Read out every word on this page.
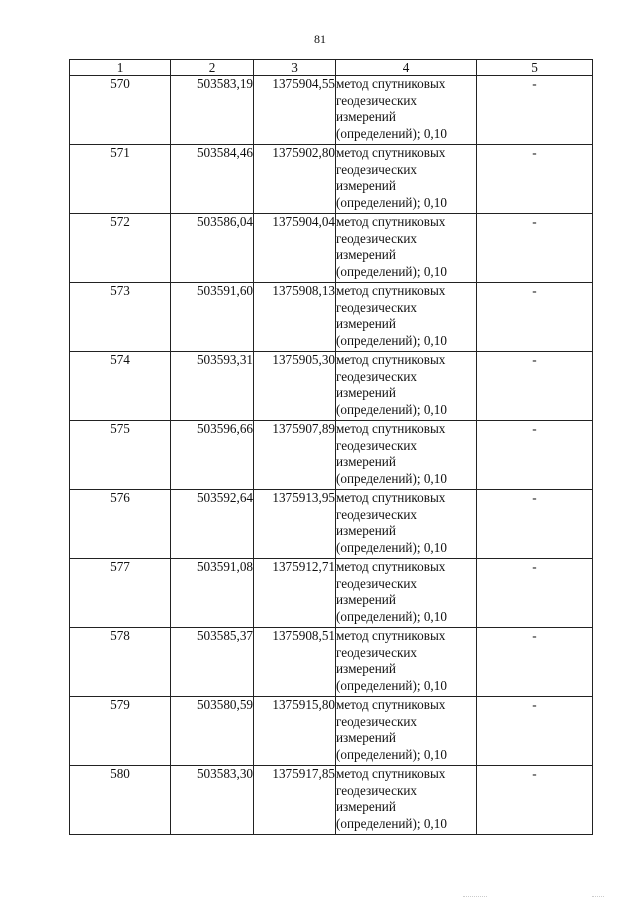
81
1	2	3	4	5
570	503583,19	1375904,55	метод спутниковых
геодезических
измерений
(определений); 0,10	-
571	503584,46	1375902,80	метод спутниковых
геодезических
измерений
(определений); 0,10	-
572	503586,04	1375904,04	метод спутниковых
геодезических
измерений
(определений); 0,10	-
573	503591,60	1375908,13	метод спутниковых
геодезических
измерений
(определений); 0,10	-
574	503593,31	1375905,30	метод спутниковых
геодезических
измерений
(определений); 0,10	-
575	503596,66	1375907,89	метод спутниковых
геодезических
измерений
(определений); 0,10	-
576	503592,64	1375913,95	метод спутниковых
геодезических
измерений
(определений); 0,10	-
577	503591,08	1375912,71	метод спутниковых
геодезических
измерений
(определений); 0,10	-
578	503585,37	1375908,51	метод спутниковых
геодезических
измерений
(определений); 0,10	-
579	503580,59	1375915,80	метод спутниковых
геодезических
измерений
(определений); 0,10	-
580	503583,30	1375917,85	метод спутниковых
геодезических
измерений
(определений); 0,10	-
